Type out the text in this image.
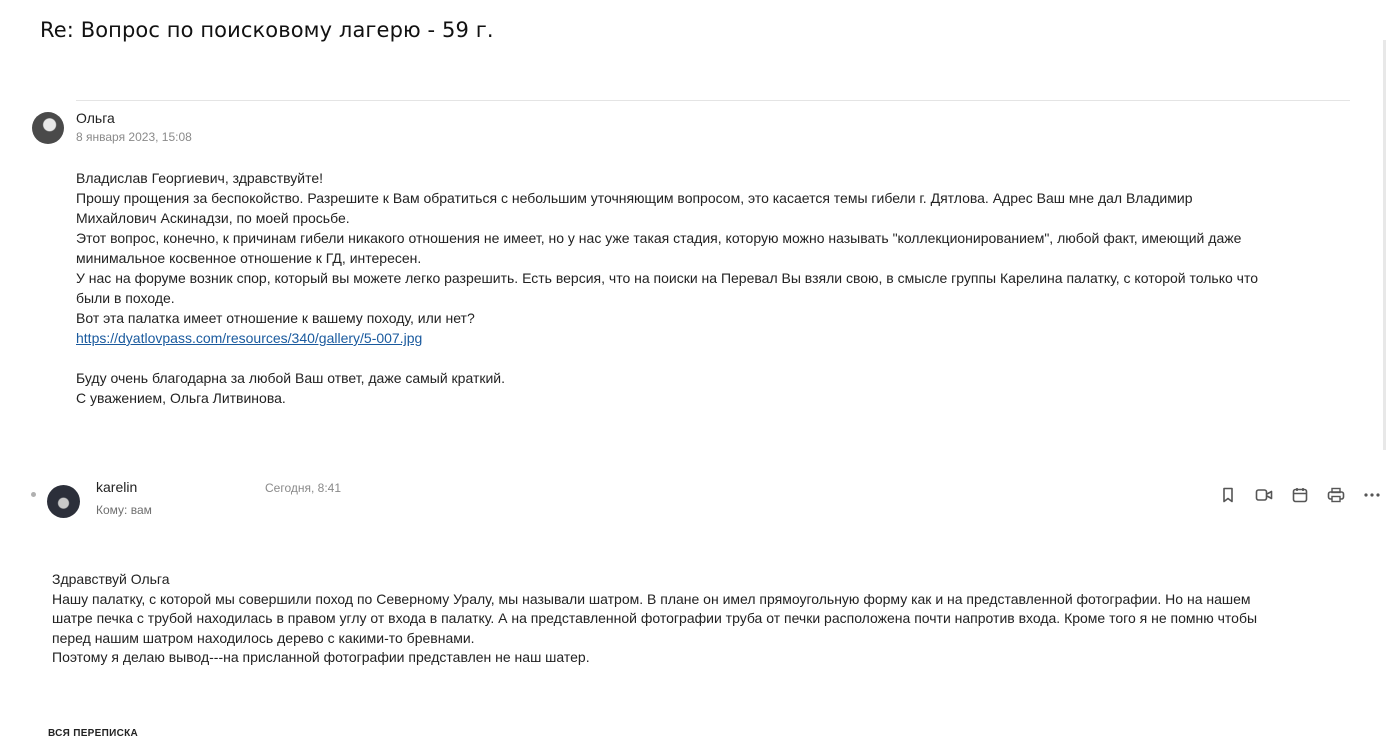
Re: Вопрос по поисковому лагерю - 59 г.
Ольга
8 января 2023, 15:08

Владислав Георгиевич, здравствуйте!

Прошу прощения за беспокойство. Разрешите к Вам обратиться с небольшим уточняющим вопросом, это касается темы гибели г. Дятлова. Адрес Ваш мне дал Владимир

Михайлович Аскинадзи, по моей просьбе.

Этот вопрос, конечно, к причинам гибели никакого отношения не имеет, но у нас уже такая стадия, которую можно называть "коллекционированием", любой факт, имеющий даже

минимальное косвенное отношение к ГД, интересен.

У нас на форуме возник спор, который вы можете легко разрешить. Есть версия, что на поиски на Перевал Вы взяли свою, в смысле группы Карелина палатку, с которой только что

были в походе.

Вот эта палатка имеет отношение к вашему походу, или нет?

https://dyatlovpass.com/resources/340/gallery/5-007.jpg

Буду очень благодарна за любой Ваш ответ, даже самый краткий.

С уважением, Ольга Литвинова.

karelin	Сегодня, 8:41
Кому: вам

Здравствуй Ольга

Нашу палатку, с которой мы совершили поход по Северному Уралу, мы называли шатром. В плане он имел прямоугольную форму как и на представленной фотографии. Но на нашем

шатре печка с трубой находилась в правом углу от входа в палатку. А на представленной фотографии труба от печки расположена почти напротив входа. Кроме того я не помню чтобы

перед нашим шатром находилось дерево с какими-то бревнами.

Поэтому я делаю вывод---на присланной фотографии представлен не наш шатер.

ВСЯ ПЕРЕПИСКА
